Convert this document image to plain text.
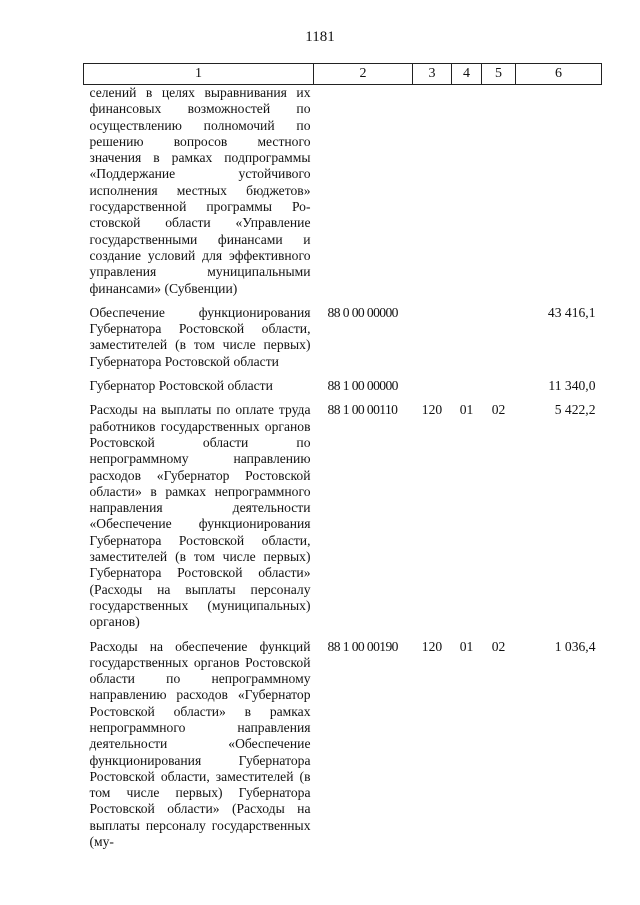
1181
1	2	3	4	5	6
селений в целях выравнивания их финансовых возможностей по осуществлению полномочий по решению вопросов местного значения в рамках подпрограммы «Поддержание устойчивого исполнения местных бюджетов» государственной программы Ростовской области «Управление государственными финансами и создание условий для эффективного управления муниципальными финансами» (Субвенции)					
Обеспечение функционирования Губернатора Ростовской области, заместителей (в том числе первых) Губернатора Ростовской области	88 0 00 00000				43 416,1
Губернатор Ростовской области	88 1 00 00000				11 340,0
Расходы на выплаты по оплате труда работников государственных органов Ростовской области по непрограммному направлению расходов «Губернатор Ростовской области» в рамках непрограммного направления деятельности «Обеспечение функционирования Губернатора Ростовской области, заместителей (в том числе первых) Губернатора Ростовской области» (Расходы на выплаты персоналу государственных (муниципальных) органов)	88 1 00 00110	120	01	02	5 422,2
Расходы на обеспечение функций государственных органов Ростовской области по непрограммному направлению расходов «Губернатор Ростовской области» в рамках непрограммного направления деятельности «Обеспечение функционирования Губернатора Ростовской области, заместителей (в том числе первых) Губернатора Ростовской области» (Расходы на выплаты персоналу государственных (му-	88 1 00 00190	120	01	02	1 036,4
